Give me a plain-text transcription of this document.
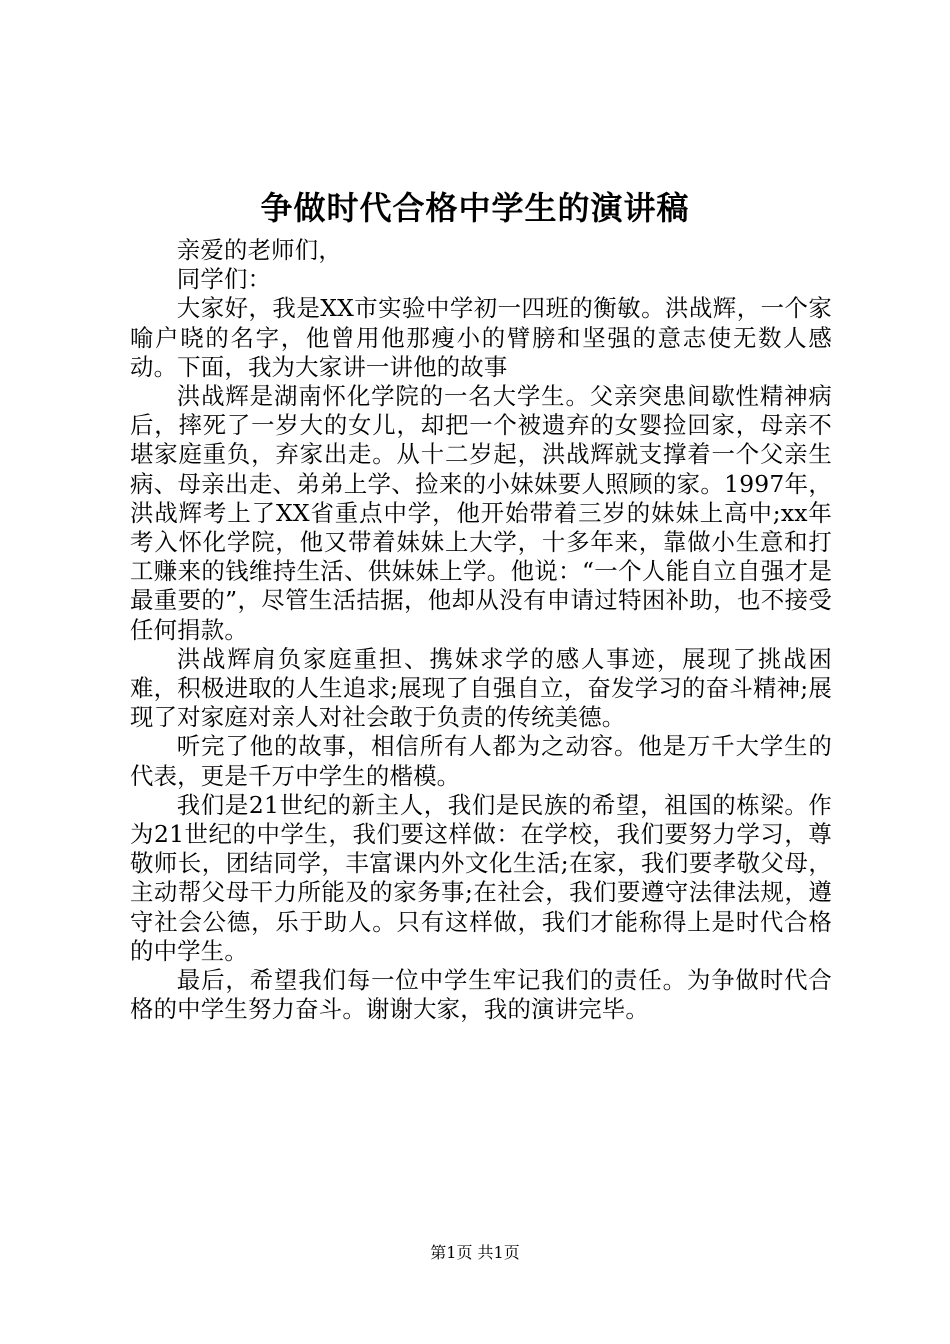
争做时代合格中学生的演讲稿

亲爱的老师们，

同学们：

大家好，我是XX市实验中学初一四班的衡敏。洪战辉，一个家喻户晓的名字，他曾用他那瘦小的臂膀和坚强的意志使无数人感动。下面，我为大家讲一讲他的故事

洪战辉是湖南怀化学院的一名大学生。父亲突患间歇性精神病后，摔死了一岁大的女儿，却把一个被遗弃的女婴捡回家，母亲不堪家庭重负，弃家出走。从十二岁起，洪战辉就支撑着一个父亲生病、母亲出走、弟弟上学、捡来的小妹妹要人照顾的家。1997年，洪战辉考上了XX省重点中学，他开始带着三岁的妹妹上高中;xx年考入怀化学院，他又带着妹妹上大学，十多年来，靠做小生意和打工赚来的钱维持生活、供妹妹上学。他说：“一个人能自立自强才是最重要的”，尽管生活拮据，他却从没有申请过特困补助，也不接受任何捐款。

洪战辉肩负家庭重担、携妹求学的感人事迹，展现了挑战困难，积极进取的人生追求;展现了自强自立，奋发学习的奋斗精神;展现了对家庭对亲人对社会敢于负责的传统美德。

听完了他的故事，相信所有人都为之动容。他是万千大学生的代表，更是千万中学生的楷模。

我们是21世纪的新主人，我们是民族的希望，祖国的栋梁。作为21世纪的中学生，我们要这样做：在学校，我们要努力学习，尊敬师长，团结同学，丰富课内外文化生活;在家，我们要孝敬父母，主动帮父母干力所能及的家务事;在社会，我们要遵守法律法规，遵守社会公德，乐于助人。只有这样做，我们才能称得上是时代合格的中学生。

最后，希望我们每一位中学生牢记我们的责任。为争做时代合格的中学生努力奋斗。谢谢大家，我的演讲完毕。

第1页 共1页
